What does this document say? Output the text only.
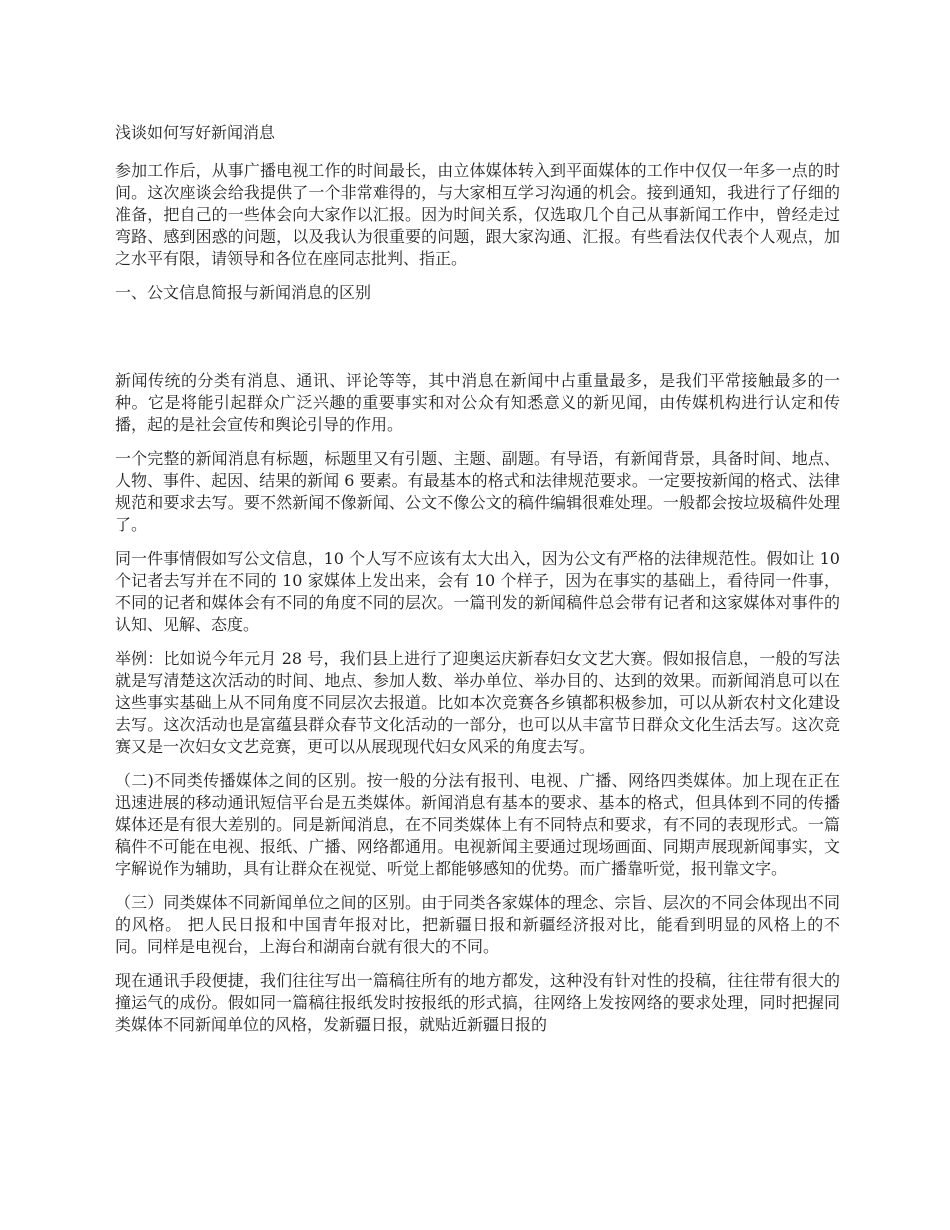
浅谈如何写好新闻消息

参加工作后，从事广播电视工作的时间最长，由立体媒体转入到平面媒体的工作中仅仅一年多一点的时间。这次座谈会给我提供了一个非常难得的，与大家相互学习沟通的机会。接到通知，我进行了仔细的准备，把自己的一些体会向大家作以汇报。因为时间关系，仅选取几个自己从事新闻工作中，曾经走过弯路、感到困惑的问题，以及我认为很重要的问题，跟大家沟通、汇报。有些看法仅代表个人观点，加之水平有限，请领导和各位在座同志批判、指正。

一、公文信息简报与新闻消息的区别

新闻传统的分类有消息、通讯、评论等等，其中消息在新闻中占重量最多，是我们平常接触最多的一种。它是将能引起群众广泛兴趣的重要事实和对公众有知悉意义的新见闻，由传媒机构进行认定和传播，起的是社会宣传和舆论引导的作用。

一个完整的新闻消息有标题，标题里又有引题、主题、副题。有导语，有新闻背景，具备时间、地点、人物、事件、起因、结果的新闻 6 要素。有最基本的格式和法律规范要求。一定要按新闻的格式、法律规范和要求去写。要不然新闻不像新闻、公文不像公文的稿件编辑很难处理。一般都会按垃圾稿件处理了。

同一件事情假如写公文信息，10 个人写不应该有太大出入，因为公文有严格的法律规范性。假如让 10 个记者去写并在不同的 10 家媒体上发出来，会有 10 个样子，因为在事实的基础上，看待同一件事，不同的记者和媒体会有不同的角度不同的层次。一篇刊发的新闻稿件总会带有记者和这家媒体对事件的认知、见解、态度。

举例：比如说今年元月 28 号，我们县上进行了迎奥运庆新春妇女文艺大赛。假如报信息，一般的写法就是写清楚这次活动的时间、地点、参加人数、举办单位、举办目的、达到的效果。而新闻消息可以在这些事实基础上从不同角度不同层次去报道。比如本次竞赛各乡镇都积极参加，可以从新农村文化建设去写。这次活动也是富蕴县群众春节文化活动的一部分，也可以从丰富节日群众文化生活去写。这次竞赛又是一次妇女文艺竞赛，更可以从展现现代妇女风采的角度去写。

（二)不同类传播媒体之间的区别。按一般的分法有报刊、电视、广播、网络四类媒体。加上现在正在迅速进展的移动通讯短信平台是五类媒体。新闻消息有基本的要求、基本的格式，但具体到不同的传播媒体还是有很大差别的。同是新闻消息，在不同类媒体上有不同特点和要求，有不同的表现形式。一篇稿件不可能在电视、报纸、广播、网络都通用。电视新闻主要通过现场画面、同期声展现新闻事实，文字解说作为辅助，具有让群众在视觉、听觉上都能够感知的优势。而广播靠听觉，报刊靠文字。

（三）同类媒体不同新闻单位之间的区别。由于同类各家媒体的理念、宗旨、层次的不同会体现出不同的风格。 把人民日报和中国青年报对比，把新疆日报和新疆经济报对比，能看到明显的风格上的不同。同样是电视台，上海台和湖南台就有很大的不同。

现在通讯手段便捷，我们往往写出一篇稿往所有的地方都发，这种没有针对性的投稿，往往带有很大的撞运气的成份。假如同一篇稿往报纸发时按报纸的形式搞，往网络上发按网络的要求处理，同时把握同类媒体不同新闻单位的风格，发新疆日报，就贴近新疆日报的
